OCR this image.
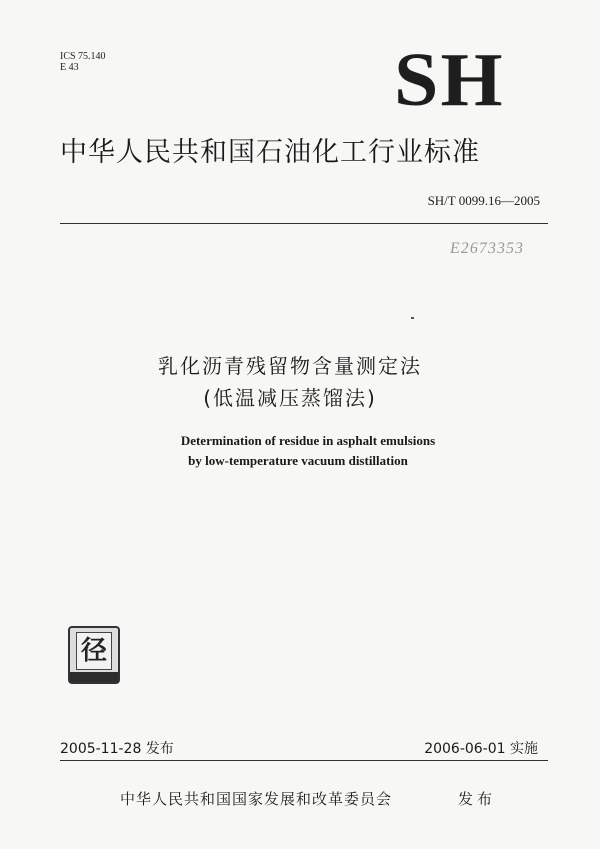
ICS 75.140
E 43	SH
中华人民共和国石油化工行业标准
SH/T 0099.16—2005
E2673353
乳化沥青残留物含量测定法
(低温减压蒸馏法)
Determination of residue in asphalt emulsions
by low-temperature vacuum distillation
径
2005-11-28 发布	2006-06-01 实施
中华人民共和国国家发展和改革委员会	发布
